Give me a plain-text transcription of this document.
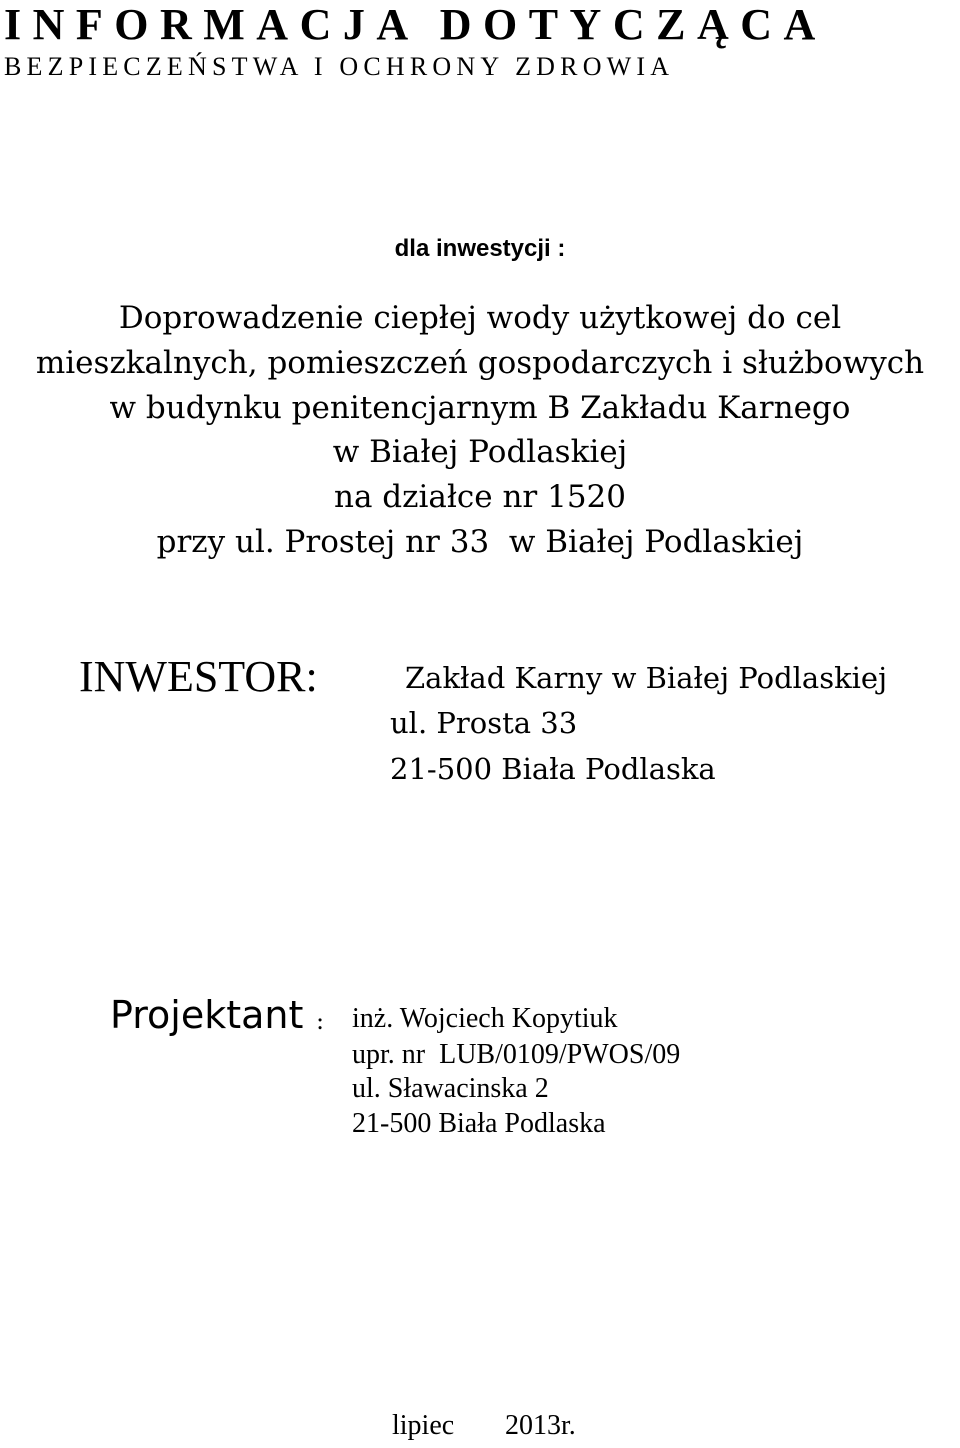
INFORMACJA DOTYCZĄCA
BEZPIECZEŃSTWA I OCHRONY ZDROWIA
dla inwestycji :
Doprowadzenie ciepłej wody użytkowej do cel
mieszkalnych, pomieszczeń gospodarczych i służbowych
w budynku penitencjarnym B Zakładu Karnego
w Białej Podlaskiej
na działce nr 1520
przy ul. Prostej nr 33  w Białej Podlaskiej
INWESTOR:	Zakład Karny w Białej Podlaskiej
ul. Prosta 33
21-500 Biała Podlaska
Projektant : inż. Wojciech Kopytiuk
upr. nr  LUB/0109/PWOS/09
ul. Sławacinska 2
21-500 Biała Podlaska
lipiec 2013r.
